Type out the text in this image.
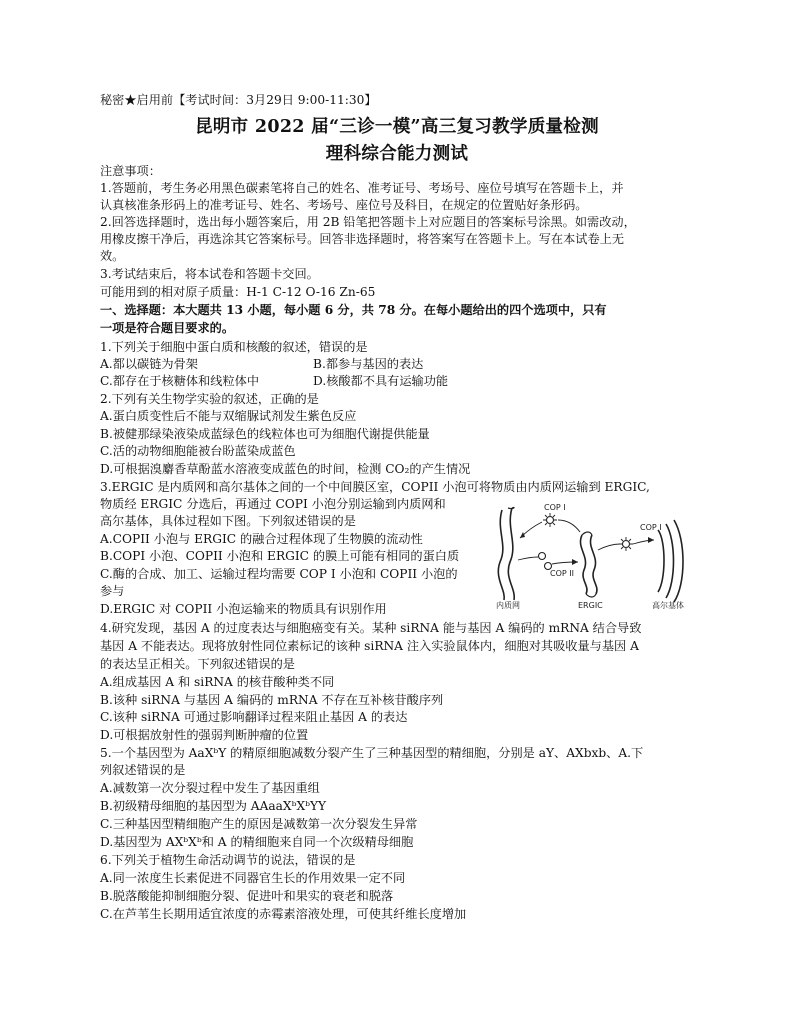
秘密★启用前【考试时间：3月29日 9:00-11:30】
昆明市 2022 届“三诊一模”高三复习教学质量检测
理科综合能力测试
注意事项：
1.答题前，考生务必用黑色碳素笔将自己的姓名、准考证号、考场号、座位号填写在答题卡上，并
认真核准条形码上的准考证号、姓名、考场号、座位号及科目，在规定的位置贴好条形码。
2.回答选择题时，选出每小题答案后，用 2B 铅笔把答题卡上对应题目的答案标号涂黑。如需改动，
用橡皮擦干净后，再选涂其它答案标号。回答非选择题时，将答案写在答题卡上。写在本试卷上无
效。
3.考试结束后，将本试卷和答题卡交回。
可能用到的相对原子质量：H-1 C-12 O-16 Zn-65
一、选择题：本大题共 13 小题，每小题 6 分，共 78 分。在每小题给出的四个选项中，只有
一项是符合题目要求的。
1.下列关于细胞中蛋白质和核酸的叙述，错误的是
A.都以碳链为骨架	B.都参与基因的表达
C.都存在于核糖体和线粒体中	D.核酸都不具有运输功能
2.下列有关生物学实验的叙述，正确的是
A.蛋白质变性后不能与双缩脲试剂发生紫色反应
B.被健那绿染液染成蓝绿色的线粒体也可为细胞代谢提供能量
C.活的动物细胞能被台盼蓝染成蓝色
D.可根据溴麝香草酚蓝水溶液变成蓝色的时间，检测 CO₂的产生情况
3.ERGIC 是内质网和高尔基体之间的一个中间膜区室，COPII 小泡可将物质由内质网运输到 ERGIC,
物质经 ERGIC 分选后，再通过 COPI 小泡分别运输到内质网和
高尔基体，具体过程如下图。下列叙述错误的是
A.COPII 小泡与 ERGIC 的融合过程体现了生物膜的流动性
B.COPI 小泡、COPII 小泡和 ERGIC 的膜上可能有相同的蛋白质
C.酶的合成、加工、运输过程均需要 COP I 小泡和 COPII 小泡的
参与
D.ERGIC 对 COPII 小泡运输来的物质具有识别作用
COP I
COP I
COP II
内质网	ERGIC	高尔基体
4.研究发现，基因 A 的过度表达与细胞癌变有关。某种 siRNA 能与基因 A 编码的 mRNA 结合导致
基因 A 不能表达。现将放射性同位素标记的该种 siRNA 注入实验鼠体内，细胞对其吸收量与基因 A
的表达呈正相关。下列叙述错误的是
A.组成基因 A 和 siRNA 的核苷酸种类不同
B.该种 siRNA 与基因 A 编码的 mRNA 不存在互补核苷酸序列
C.该种 siRNA 可通过影响翻译过程来阻止基因 A 的表达
D.可根据放射性的强弱判断肿瘤的位置
5.一个基因型为 AaXᵇY 的精原细胞减数分裂产生了三种基因型的精细胞，分别是 aY、AXbxb、A.下
列叙述错误的是
A.减数第一次分裂过程中发生了基因重组
B.初级精母细胞的基因型为 AAaaXᵇXᵇYY
C.三种基因型精细胞产生的原因是减数第一次分裂发生异常
D.基因型为 AXᵇXᵇ和 A 的精细胞来自同一个次级精母细胞
6.下列关于植物生命活动调节的说法，错误的是
A.同一浓度生长素促进不同器官生长的作用效果一定不同
B.脱落酸能抑制细胞分裂、促进叶和果实的衰老和脱落
C.在芦苇生长期用适宜浓度的赤霉素溶液处理，可使其纤维长度增加
